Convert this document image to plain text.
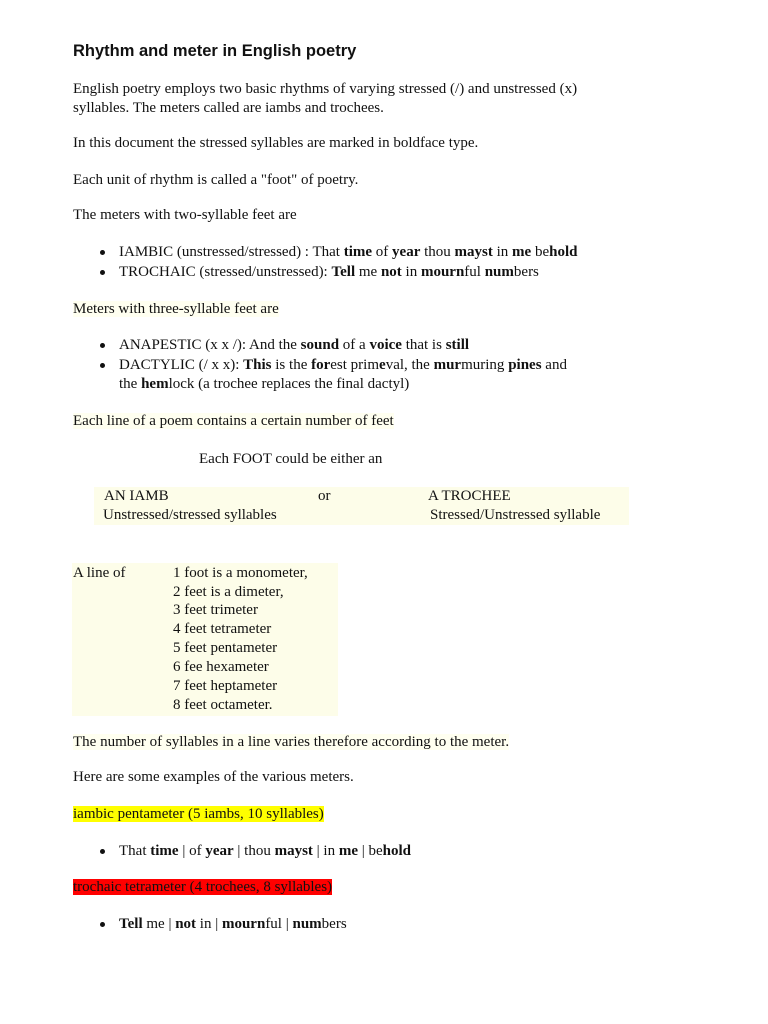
Rhythm and meter in English poetry
English poetry employs two basic rhythms of varying stressed (/) and unstressed (x)
syllables. The meters called are iambs and trochees.
In this document the stressed syllables are marked in boldface type.
Each unit of rhythm is called a "foot" of poetry.
The meters with two-syllable feet are
IAMBIC (unstressed/stressed) : That time of year thou mayst in me behold
TROCHAIC (stressed/unstressed): Tell me not in mournful numbers
Meters with three-syllable feet are
ANAPESTIC (x x /): And the sound of a voice that is still
DACTYLIC (/ x x): This is the forest primeval, the murmuring pines and
the hemlock (a trochee replaces the final dactyl)
Each line of a poem contains a certain number of feet
Each FOOT could be either an
AN IAMB	or	A TROCHEE
Unstressed/stressed syllables	Stressed/Unstressed syllable
A line of	1 foot is a monometer,
2 feet is a dimeter,
3 feet trimeter
4 feet tetrameter
5 feet pentameter
6 fee hexameter
7 feet heptameter
8 feet octameter.
The number of syllables in a line varies therefore according to the meter.
Here are some examples of the various meters.
iambic pentameter (5 iambs, 10 syllables)
That time | of year | thou mayst | in me | behold
trochaic tetrameter (4 trochees, 8 syllables)
Tell me | not in | mournful | numbers
